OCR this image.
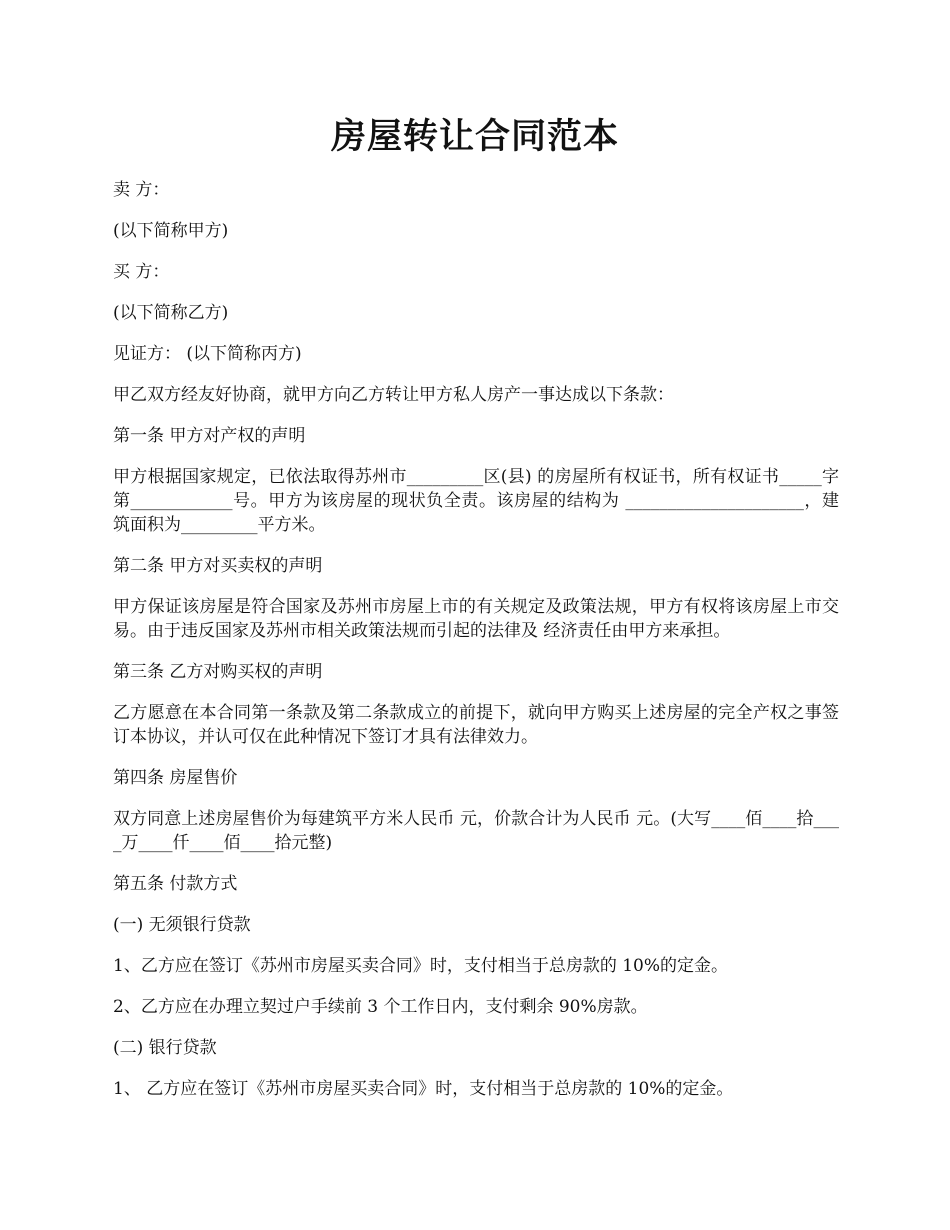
房屋转让合同范本

卖 方：

(以下简称甲方)

买 方：

(以下简称乙方)

见证方： (以下简称丙方)

甲乙双方经友好协商，就甲方向乙方转让甲方私人房产一事达成以下条款：

第一条 甲方对产权的声明

甲方根据国家规定，已依法取得苏州市_________区(县) 的房屋所有权证书，所有权证书_____字第____________号。甲方为该房屋的现状负全责。该房屋的结构为 _____________________，建筑面积为_________平方米。

第二条 甲方对买卖权的声明

甲方保证该房屋是符合国家及苏州市房屋上市的有关规定及政策法规，甲方有权将该房屋上市交易。由于违反国家及苏州市相关政策法规而引起的法律及 经济责任由甲方来承担。

第三条 乙方对购买权的声明

乙方愿意在本合同第一条款及第二条款成立的前提下，就向甲方购买上述房屋的完全产权之事签订本协议，并认可仅在此种情况下签订才具有法律效力。

第四条 房屋售价

双方同意上述房屋售价为每建筑平方米人民币 元，价款合计为人民币 元。(大写____佰____拾____万____仟____佰____拾元整)

第五条 付款方式

(一) 无须银行贷款

1、乙方应在签订《苏州市房屋买卖合同》时，支付相当于总房款的 10%的定金。

2、乙方应在办理立契过户手续前 3 个工作日内，支付剩余 90%房款。

(二) 银行贷款

1、 乙方应在签订《苏州市房屋买卖合同》时，支付相当于总房款的 10%的定金。
